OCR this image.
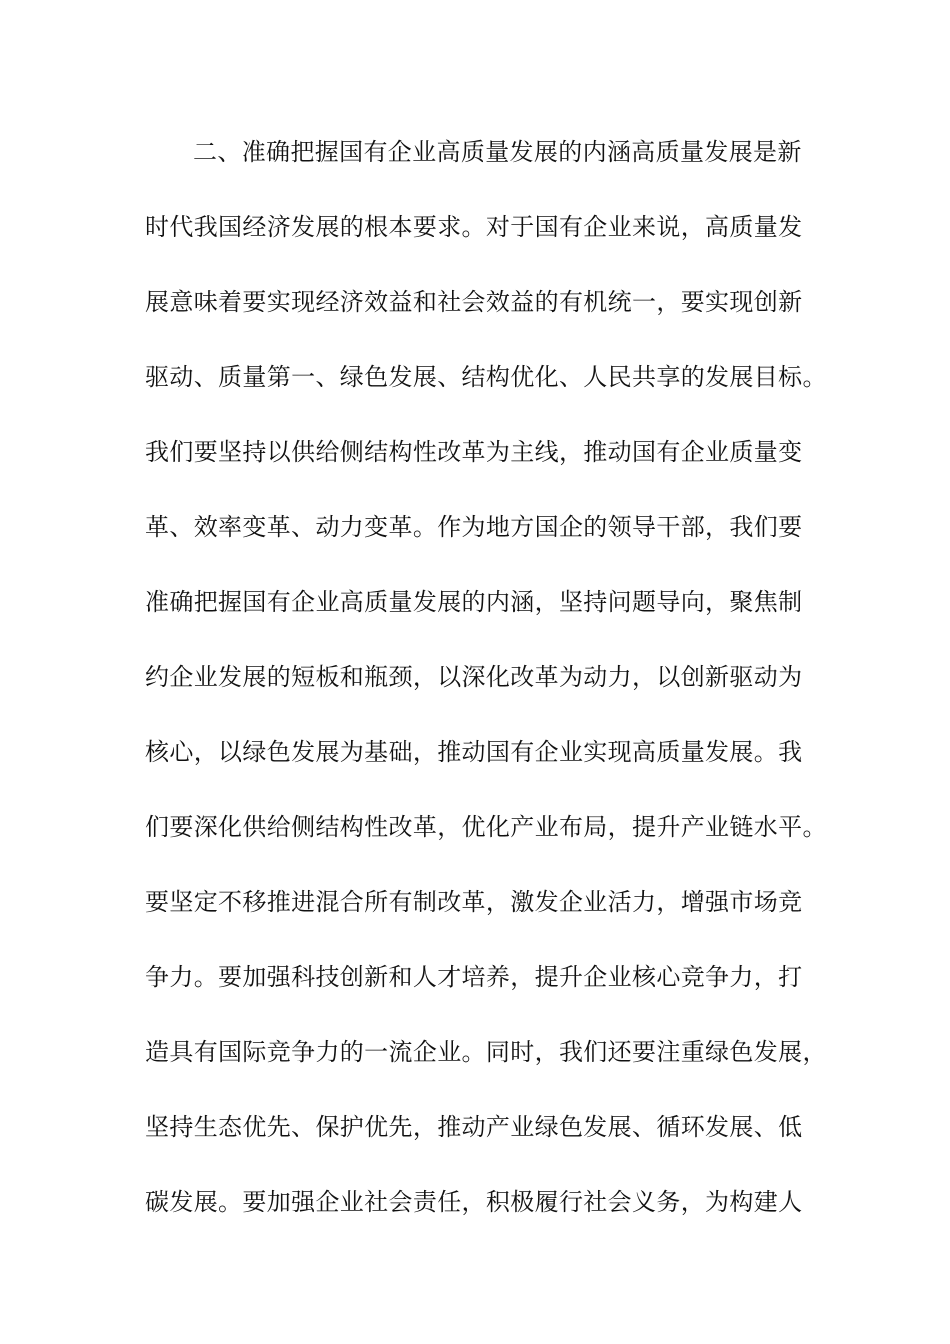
二、准确把握国有企业高质量发展的内涵高质量发展是新
时代我国经济发展的根本要求。对于国有企业来说，高质量发
展意味着要实现经济效益和社会效益的有机统一，要实现创新
驱动、质量第一、绿色发展、结构优化、人民共享的发展目标。
我们要坚持以供给侧结构性改革为主线，推动国有企业质量变
革、效率变革、动力变革。作为地方国企的领导干部，我们要
准确把握国有企业高质量发展的内涵，坚持问题导向，聚焦制
约企业发展的短板和瓶颈，以深化改革为动力，以创新驱动为
核心，以绿色发展为基础，推动国有企业实现高质量发展。我
们要深化供给侧结构性改革，优化产业布局，提升产业链水平。
要坚定不移推进混合所有制改革，激发企业活力，增强市场竞
争力。要加强科技创新和人才培养，提升企业核心竞争力，打
造具有国际竞争力的一流企业。同时，我们还要注重绿色发展，
坚持生态优先、保护优先，推动产业绿色发展、循环发展、低
碳发展。要加强企业社会责任，积极履行社会义务，为构建人
